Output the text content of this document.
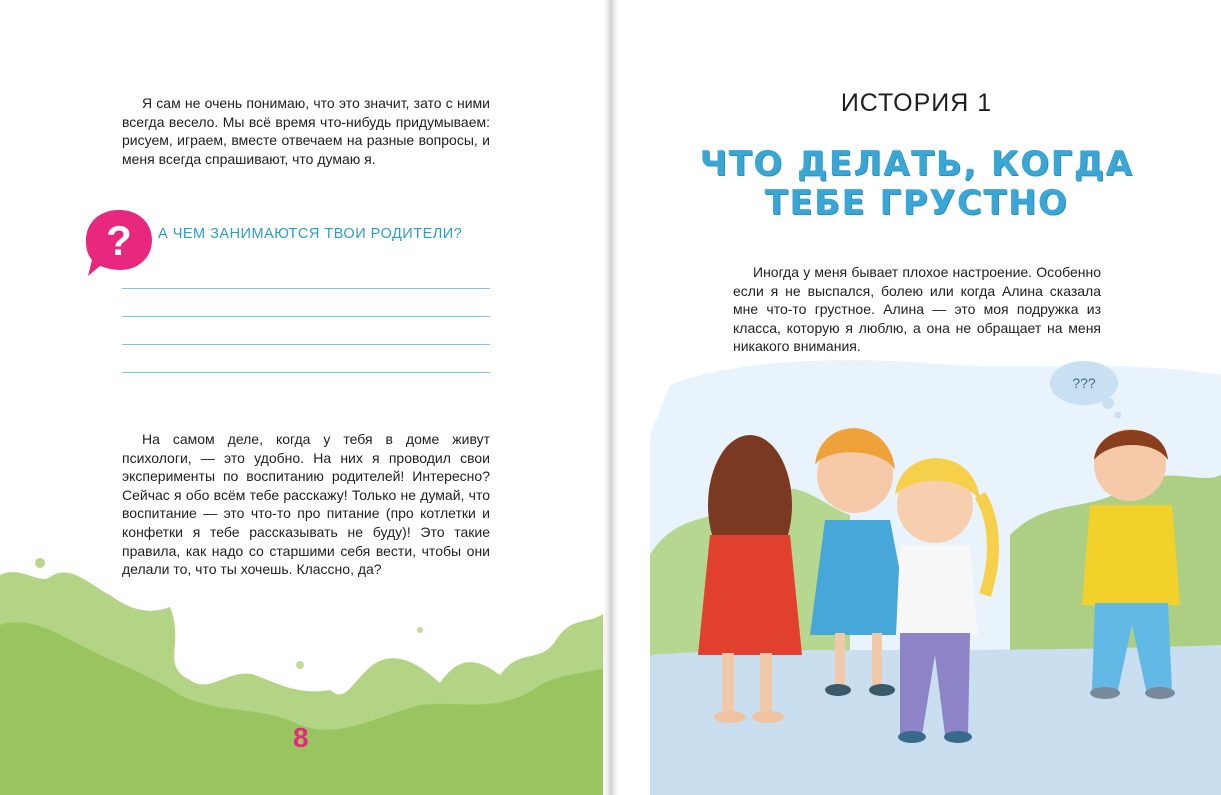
Я сам не очень понимаю, что это значит, зато с ними всегда весело. Мы всё время что-нибудь придумываем: рисуем, играем, вместе отвечаем на разные вопросы, и меня всегда спрашивают, что думаю я.

? А ЧЕМ ЗАНИМАЮТСЯ ТВОИ РОДИТЕЛИ?

На самом деле, когда у тебя в доме живут психологи, — это удобно. На них я проводил свои эксперименты по воспитанию родителей! Интересно? Сейчас я обо всём тебе расскажу! Только не думай, что воспитание — это что-то про питание (про котлетки и конфетки я тебе рассказывать не буду)! Это такие правила, как надо со старшими себя вести, чтобы они делали то, что ты хочешь. Классно, да?

8
ИСТОРИЯ 1
ЧТО ДЕЛАТЬ, КОГДА
ТЕБЕ ГРУСТНО

Иногда у меня бывает плохое настроение. Особенно если я не выспался, болею или когда Алина сказала мне что-то грустное. Алина — это моя подружка из класса, которую я люблю, а она не обращает на меня никакого внимания.

???
